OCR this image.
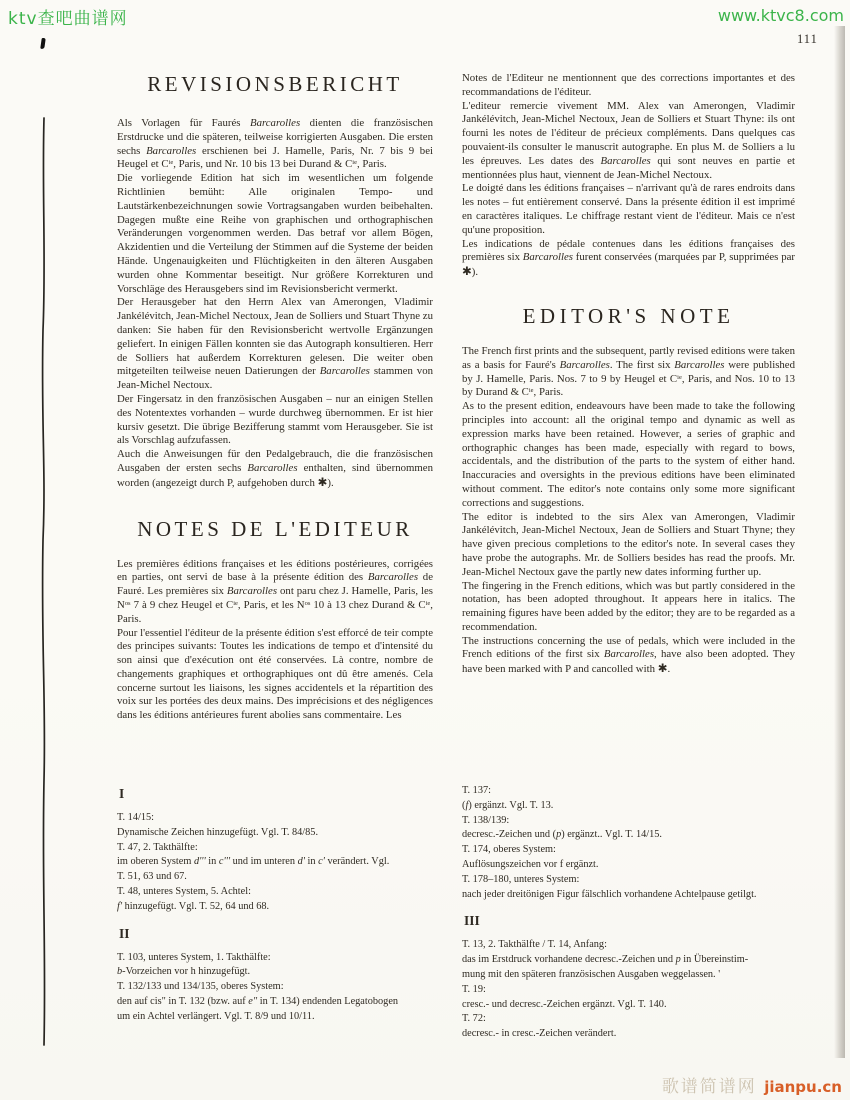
ktv查吧曲谱网	www.ktvc8.com
111
REVISIONSBERICHT

Als Vorlagen für Faurés Barcarolles dienten die französischen Erstdrucke und die späteren, teilweise korrigierten Ausgaben. Die ersten sechs Barcarolles erschienen bei J. Hamelle, Paris, Nr. 7 bis 9 bei Heugel et $C^{ie}$, Paris, und Nr. 10 bis 13 bei Durand & $C^{ie}$, Paris.

Die vorliegende Edition hat sich im wesentlichen um folgende Richtlinien bemüht: Alle originalen Tempo- und Lautstärkenbezeichnungen sowie Vortragsangaben wurden beibehalten. Dagegen mußte eine Reihe von graphischen und orthographischen Veränderungen vorgenommen werden. Das betraf vor allem Bögen, Akzidentien und die Verteilung der Stimmen auf die Systeme der beiden Hände. Ungenauigkeiten und Flüchtigkeiten in den älteren Ausgaben wurden ohne Kommentar beseitigt. Nur größere Korrekturen und Vorschläge des Herausgebers sind im Revisionsbericht vermerkt.

Der Herausgeber hat den Herrn Alex van Amerongen, Vladimir Jankélévitch, Jean-Michel Nectoux, Jean de Solliers und Stuart Thyne zu danken: Sie haben für den Revisionsbericht wertvolle Ergänzungen geliefert. In einigen Fällen konnten sie das Autograph konsultieren. Herr de Solliers hat außerdem Korrekturen gelesen. Die weiter oben mitgeteilten teilweise neuen Datierungen der Barcarolles stammen von Jean-Michel Nectoux.

Der Fingersatz in den französischen Ausgaben – nur an einigen Stellen des Notentextes vorhanden – wurde durchweg übernommen. Er ist hier kursiv gesetzt. Die übrige Bezifferung stammt vom Herausgeber. Sie ist als Vorschlag aufzufassen.

Auch die Anweisungen für den Pedalgebrauch, die die französischen Ausgaben der ersten sechs Barcarolles enthalten, sind übernommen worden (angezeigt durch P, aufgehoben durch ✱).

NOTES DE L'EDITEUR

Les premières éditions françaises et les éditions postérieures, corrigées en parties, ont servi de base à la présente édition des Barcarolles de Fauré. Les premières six Barcarolles ont paru chez J. Hamelle, Paris, les $N^{os}$ 7 à 9 chez Heugel et $C^{ie}$, Paris, et les $N^{os}$ 10 à 13 chez Durand & $C^{ie}$, Paris.

Pour l'essentiel l'éditeur de la présente édition s'est efforcé de teir compte des principes suivants: Toutes les indications de tempo et d'intensité du son ainsi que d'exécution ont été conservées. Là contre, nombre de changements graphiques et orthographiques ont dû être amenés. Cela concerne surtout les liaisons, les signes accidentels et la répartition des voix sur les portées des deux mains. Des imprécisions et des négligences dans les éditions antérieures furent abolies sans commentaire. Les

Notes de l'Editeur ne mentionnent que des corrections importantes et des recommandations de l'éditeur.

L'editeur remercie vivement MM. Alex van Amerongen, Vladimir Jankélévitch, Jean-Michel Nectoux, Jean de Solliers et Stuart Thyne: ils ont fourni les notes de l'éditeur de précieux compléments. Dans quelques cas pouvaient-ils consulter le manuscrit autographe. En plus M. de Solliers a lu les épreuves. Les dates des Barcarolles qui sont neuves en partie et mentionnées plus haut, viennent de Jean-Michel Nectoux.

Le doigté dans les éditions françaises – n'arrivant qu'à de rares endroits dans les notes – fut entièrement conservé. Dans la présente édition il est imprimé en caractères italiques. Le chiffrage restant vient de l'éditeur. Mais ce n'est qu'une proposition.

Les indications de pédale contenues dans les éditions françaises des premières six Barcarolles furent conservées (marquées par P, supprimées par ✱).

EDITOR'S NOTE

The French first prints and the subsequent, partly revised editions were taken as a basis for Fauré's Barcarolles. The first six Barcarolles were published by J. Hamelle, Paris. Nos. 7 to 9 by Heugel et $C^{ie}$, Paris, and Nos. 10 to 13 by Durand & $C^{ie}$, Paris.

As to the present edition, endeavours have been made to take the following principles into account: all the original tempo and dynamic as well as expression marks have been retained. However, a series of graphic and orthographic changes has been made, especially with regard to bows, accidentals, and the distribution of the parts to the system of either hand. Inaccuracies and oversights in the previous editions have been eliminated without comment. The editor's note contains only some more significant corrections and suggestions.

The editor is indebted to the sirs Alex van Amerongen, Vladimir Jankélévitch, Jean-Michel Nectoux, Jean de Solliers and Stuart Thyne; they have given precious completions to the editor's note. In several cases they have probe the autographs. Mr. de Solliers besides has read the proofs. Mr. Jean-Michel Nectoux gave the partly new dates informing further up.

The fingering in the French editions, which was but partly considered in the notation, has been adopted throughout. It appears here in italics. The remaining figures have been added by the editor; they are to be regarded as a recommendation.

The instructions concerning the use of pedals, which were included in the French editions of the first six Barcarolles, have also been adopted. They have been marked with P and cancolled with ✱.

I

T. 14/15:

Dynamische Zeichen hinzugefügt. Vgl. T. 84/85.

T. 47, 2. Takthälfte:

im oberen System d''' in c''' und im unteren d' in c' verändert. Vgl.

T. 51, 63 und 67.

T. 48, unteres System, 5. Achtel:

f' hinzugefügt. Vgl. T. 52, 64 und 68.

II

T. 103, unteres System, 1. Takthälfte:

b-Vorzeichen vor h hinzugefügt.

T. 132/133 und 134/135, oberes System:

den auf cis" in T. 132 (bzw. auf e" in T. 134) endenden Legatobogen

um ein Achtel verlängert. Vgl. T. 8/9 und 10/11.

T. 137:

(f) ergänzt. Vgl. T. 13.

T. 138/139:

decresc.-Zeichen und (p) ergänzt.. Vgl. T. 14/15.

T. 174, oberes System:

Auflösungszeichen vor f ergänzt.

T. 178–180, unteres System:

nach jeder dreitönigen Figur fälschlich vorhandene Achtelpause getilgt.

III

T. 13, 2. Takthälfte / T. 14, Anfang:

das im Erstdruck vorhandene decresc.-Zeichen und p in Übereinstim-

mung mit den späteren französischen Ausgaben weggelassen. '

T. 19:

cresc.- und decresc.-Zeichen ergänzt. Vgl. T. 140.

T. 72:

decresc.- in cresc.-Zeichen verändert.

歌谱简谱网 jianpu.cn
